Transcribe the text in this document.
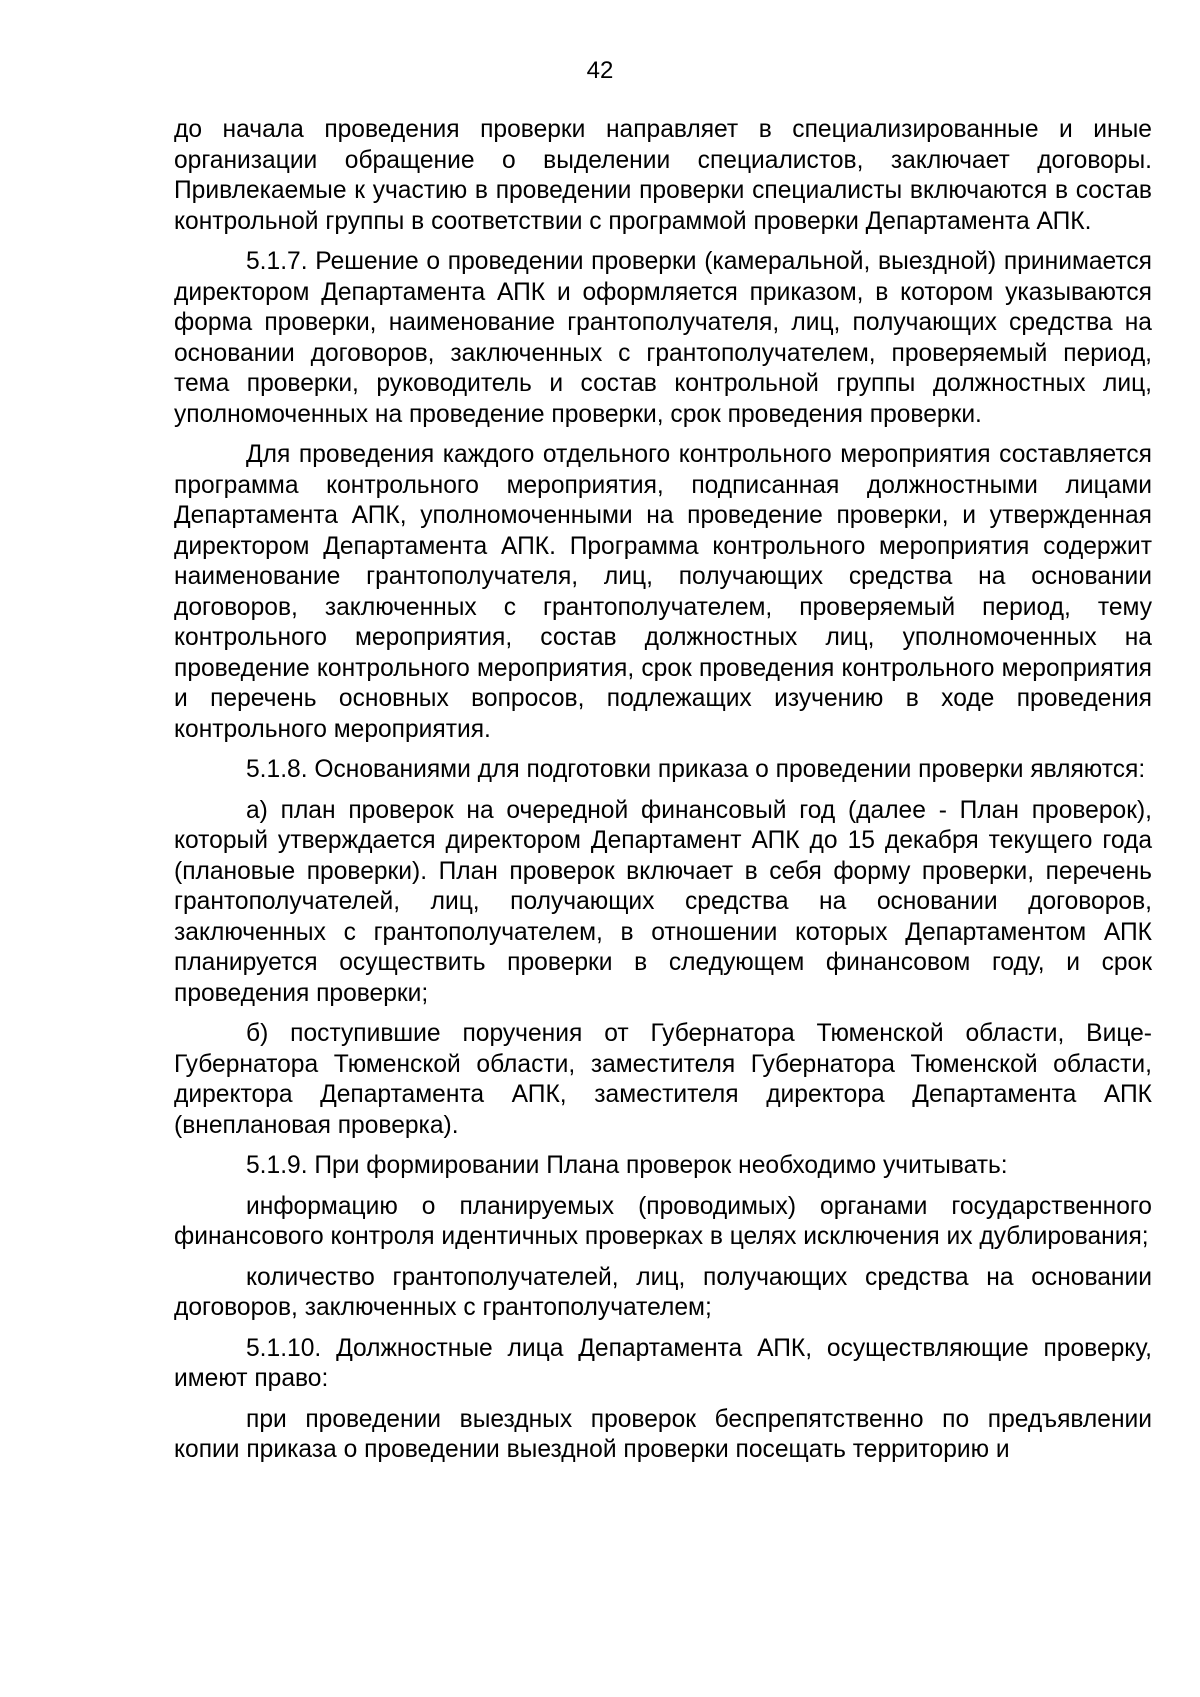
42

до начала проведения проверки направляет в специализированные и иные организации обращение о выделении специалистов, заключает договоры. Привлекаемые к участию в проведении проверки специалисты включаются в состав контрольной группы в соответствии с программой проверки Департамента АПК.

5.1.7. Решение о проведении проверки (камеральной, выездной) принимается директором Департамента АПК и оформляется приказом, в котором указываются форма проверки, наименование грантополучателя, лиц, получающих средства на основании договоров, заключенных с грантополучателем, проверяемый период, тема проверки, руководитель и состав контрольной группы должностных лиц, уполномоченных на проведение проверки, срок проведения проверки.

Для проведения каждого отдельного контрольного мероприятия составляется программа контрольного мероприятия, подписанная должностными лицами Департамента АПК, уполномоченными на проведение проверки, и утвержденная директором Департамента АПК. Программа контрольного мероприятия содержит наименование грантополучателя, лиц, получающих средства на основании договоров, заключенных с грантополучателем, проверяемый период, тему контрольного мероприятия, состав должностных лиц, уполномоченных на проведение контрольного мероприятия, срок проведения контрольного мероприятия и перечень основных вопросов, подлежащих изучению в ходе проведения контрольного мероприятия.

5.1.8. Основаниями для подготовки приказа о проведении проверки являются:

а) план проверок на очередной финансовый год (далее - План проверок), который утверждается директором Департамент АПК до 15 декабря текущего года (плановые проверки). План проверок включает в себя форму проверки, перечень грантополучателей, лиц, получающих средства на основании договоров, заключенных с грантополучателем, в отношении которых Департаментом АПК планируется осуществить проверки в следующем финансовом году, и срок проведения проверки;

б) поступившие поручения от Губернатора Тюменской области, Вице-Губернатора Тюменской области, заместителя Губернатора Тюменской области, директора Департамента АПК, заместителя директора Департамента АПК (внеплановая проверка).

5.1.9. При формировании Плана проверок необходимо учитывать:

информацию о планируемых (проводимых) органами государственного финансового контроля идентичных проверках в целях исключения их дублирования;

количество грантополучателей, лиц, получающих средства на основании договоров, заключенных с грантополучателем;

5.1.10. Должностные лица Департамента АПК, осуществляющие проверку, имеют право:

при проведении выездных проверок беспрепятственно по предъявлении копии приказа о проведении выездной проверки посещать территорию и
